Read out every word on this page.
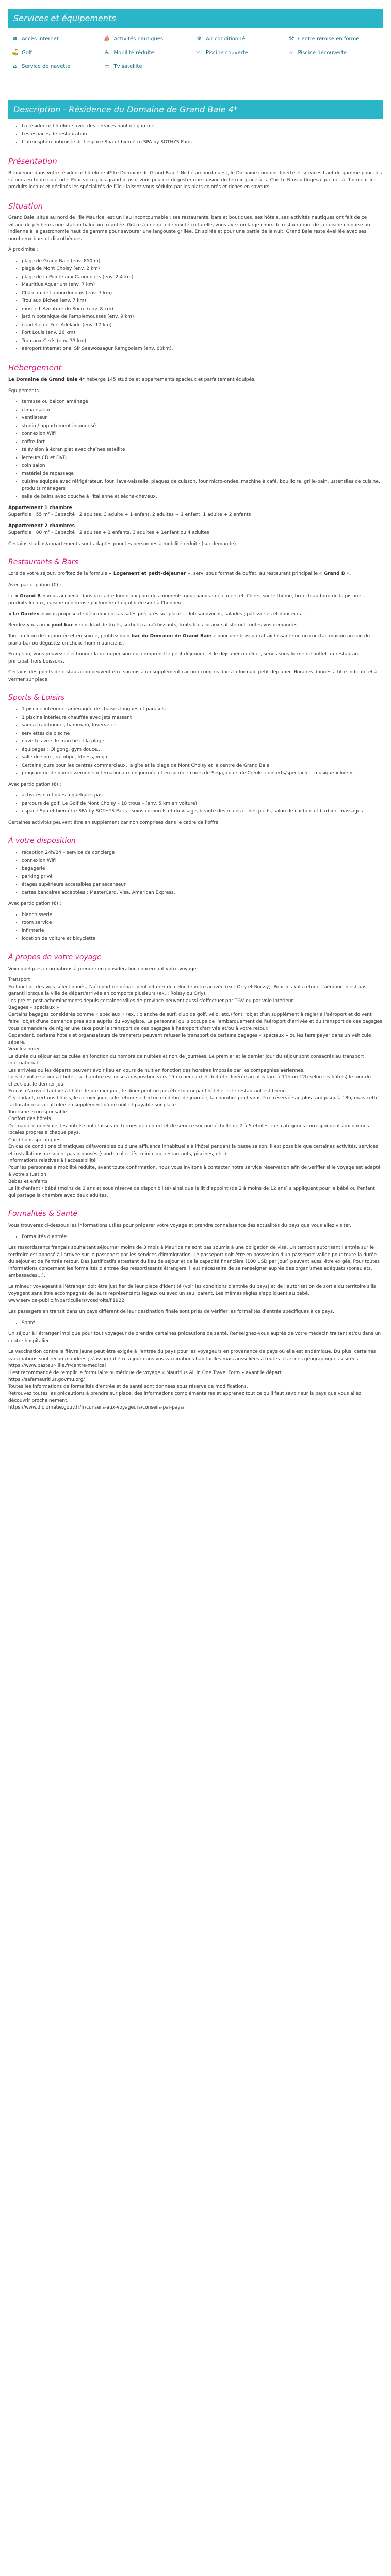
Services et équipements
≋ Accès internet	⛵ Activités nautiques	❄ Air conditionné	⚒ Centre remise en forme
⛳ Golf	♿ Mobilité réduite	〰 Piscine couverte	≈ Piscine découverte
⌂ Service de navette	▭ Tv satellite
Description - Résidence du Domaine de Grand Baie 4*
• La résidence hôtelière avec des services haut de gamme
• Les espaces de restauration
• L'atmosphère intimiste de l'espace Spa et bien-être SPA by SOTHYS Paris
Présentation

Bienvenue dans votre résidence hôtelière 4* Le Domaine de Grand Baie ! Niché au nord-ouest, le Domaine combine liberté et services haut de gamme pour des séjours en toute quiétude. Pour votre plus grand plaisir, vous pourrez déguster une cuisine du terroir grâce à La Chette Naïsso (Ingesa qui met à l'honneur les produits locaux et déclinés les spécialités de l'île : laissez-vous séduire par les plats colorés et riches en saveurs.

Situation

Grand Baie, situé au nord de l'île Maurice, est un lieu incontournable : ses restaurants, bars et boutiques, ses hôtels, ses activités nautiques ont fait de ce village de pêcheurs une station balnéaire réputée. Grâce à une grande mixité culturelle, vous avez un large choix de restauration, de la cuisine chinoise ou indienne à la gastronomie haut de gamme pour savourer une langouste grillée. En soirée et pour une partie de la nuit, Grand Baie reste éveillée avec ses nombreux bars et discothèques.

À proximité :

• plage de Grand Baie (env. 850 m)
• plage de Mont Choisy (env. 2 km)
• plage de la Pointe aux Canonniers (env. 2,4 km)
• Mauritius Aquarium (env. 7 km)
• Château de Labourdonnais (env. 7 km)
• Trou aux Biches (env. 7 km)
• musée L'Aventure du Sucre (env. 8 km)
• jardin botanique de Pamplemousses (env. 9 km)
• citadelle de Fort Adelaide (env. 17 km)
• Port Louis (env. 26 km)
• Trou-aux-Cerfs (env. 33 km)
• aéroport International Sir Seewoosagur Ramgoolam (env. 60km).
Hébergement

Le Domaine de Grand Baie 4* héberge 145 studios et appartements spacieux et parfaitement équipés.

Équipements :

• terrasse ou balcon aménagé
• climatisation
• ventilateur
• studio / appartement insonorisé
• connexion Wifi
• coffre-fort
• télévision à écran plat avec chaînes satellite
• lecteurs CD et DVD
• coin salon
• matériel de repassage
• cuisine équipée avec réfrigérateur, four, lave-vaisselle, plaques de cuisson, four micro-ondes, machine à café, bouilloire, grille-pain, ustensiles de cuisine, produits ménagers
• salle de bains avec douche à l'italienne et sèche-cheveux.

Appartement 1 chambre

Superficie : 55 m² - Capacité : 2 adultes, 3 adulte + 1 enfant, 2 adultes + 1 enfant, 1 adulte + 2 enfants

Appartement 2 chambres

Superficie : 80 m² - Capacité : 2 adultes + 2 enfants, 3 adultes + 1enfant ou 4 adultes

Certains studios/appartements sont adaptés pour les personnes à mobilité réduite (sur demande).

Restaurants & Bars

Lors de votre séjour, profitez de la formule « Logement et petit-déjeuner », servi sous format de buffet, au restaurant principal le « Grand B ».

Avec participation (€) :

Le « Grand B » vous accueille dans un cadre lumineux pour des moments gourmands : déjeuners et dîners, sur le thème, brunch au bord de la piscine… produits locaux, cuisine généreuse parfumée et équilibrée sont à l'honneur.

« Le Garden » vous propose de délicieux en-cas salés préparés sur place – club sandwichs, salades ; pâtisseries et douceurs…

Rendez-vous au « pool bar » : cocktail de fruits, sorbets rafraîchissants, fruits frais locaux satisferont toutes vos demandes.

Tout au long de la journée et en soirée, profitez du « bar du Domaine de Grand Baie » pour une boisson rafraîchissante ou un cocktail maison au son du piano-bar ou dégustez un choix rhum mauriciens.

En option, vous pouvez sélectionner la demi-pension qui comprend le petit déjeuner, et le déjeuner ou dîner, servis sous forme de buffet au restaurant principal, hors boissons.

Certains des points de restauration peuvent être soumis à un supplément car non compris dans la formule petit déjeuner. Horaires donnés à titre indicatif et à vérifier sur place.

Sports & Loisirs
• 1 piscine intérieure aménagée de chaises longues et parasols
• 1 piscine intérieure chauffée avec jets massant
• sauna traditionnel, hammam, Inververie
• serviettes de piscine
• navettes vers le marché et la plage
• équipages : Qi gong, gym douce…
• salle de sport, vélotipe, fitness, yoga
• Certains jours pour les centres commerciaux, la gîte et la plage de Mont Choisy et le centre de Grand Baie.
• programme de divertissements internationaux en journée et en soirée : cours de Sega, cours de Créole, concerts/spectacles, musique « live »…

Avec participation (€) :

• activités nautiques à quelques pas
• parcours de golf, Le Golf de Mont Choisy – 18 trous – (env. 5 km en voiture)
• espace Spa et bien-être SPA by SOTHYS Paris : soins corporels et du visage, beauté des mains et des pieds, salon de coiffure et barbier, massages.

Certaines activités peuvent être en supplément car non comprises dans le cadre de l'offre.

À votre disposition
• réception 24h/24 – service de concierge
• connexion Wifi
• bagagerie
• parking privé
• étages supérieurs accessibles par ascenseur
• cartes bancaires acceptées : MasterCard, Visa, American Express.

Avec participation (€) :

• blanchisserie
• room service
• infirmerie
• location de voiture et bicyclette.
À propos de votre voyage

Voici quelques informations à prendre en considération concernant votre voyage.

Transport

En fonction des vols sélectionnés, l'aéroport de départ peut différer de celui de votre arrivée (ex : Orly et Roissy). Pour les vols retour, l'aéroport n'est pas garanti lorsque la ville de départ/arrivée en comporte plusieurs (ex. : Roissy ou Orly).

Les pré et post-acheminements depuis certaines villes de province peuvent aussi s'effectuer par TGV ou par voie intérieur.

Bagages « spéciaux »

Certains bagages considérés comme « spéciaux » (ex. : planche de surf, club de golf, vélo, etc.) font l'objet d'un supplément à régler à l'aéroport et doivent faire l'objet d'une demande préalable auprès du voyagiste. Le personnel qui s'occupe de l'embarquement de l'aéroport d'arrivée et du transport de ces bagages vous demandera de régler une taxe pour le transport de ces bagages à l'aéroport d'arrivée et/ou à votre retour.

Cependant, certains hôtels et organisateurs de transferts peuvent refuser le transport de certains bagages « spéciaux » ou les faire payer dans un véhicule séparé.

Veuillez noter

La durée du séjour est calculée en fonction du nombre de nuitées et non de journées. Le premier et le dernier jour du séjour sont consacrés au transport international.

Les arrivées ou les départs peuvent avoir lieu en cours de nuit en fonction des horaires imposés par les compagnies aériennes.

Lors de votre séjour à l'hôtel, la chambre est mise à disposition vers 15h (check-in) et doit être libérée au plus tard à 11h ou 12h selon les hôtels) le jour du check-out le dernier jour.

En cas d'arrivée tardive à l'hôtel le premier jour, le dîner peut ne pas être fourni par l'hôtelier si le restaurant est fermé.

Cependant, certains hôtels, le dernier jour, si le retour s'effectue en début de journée, la chambre peut vous être réservée au plus tard jusqu'à 18h, mais cette facturation sera calculée en supplément d'une nuit et payable sur place.

Tourisme écoresponsable

Confort des hôtels

De manière générale, les hôtels sont classés en termes de confort et de service sur une échelle de 2 à 5 étoiles, ces catégories correspondent aux normes locales propres à chaque pays.

Conditions spécifiques

En cas de conditions climatiques défavorables ou d'une affluence inhabituelle à l'hôtel pendant la basse saison, il est possible que certaines activités, services et installations ne soient pas proposés (sports collectifs, mini club, restaurants, piscines, etc.).

Informations relatives à l'accessibilité

Pour les personnes à mobilité réduite, avant toute confirmation, nous vous invitons à contacter notre service réservation afin de vérifier si le voyage est adapté à votre situation.

Bébés et enfants

Le lit d'enfant / bébé (moins de 2 ans et sous réserve de disponibilité) ainsi que le lit d'appoint (de 2 à moins de 12 ans) s'appliquent pour le bébé ou l'enfant qui partage la chambre avec deux adultes.

Formalités & Santé

Vous trouverez ci-dessous les informations utiles pour préparer votre voyage et prendre connaissance des actualités du pays que vous allez visiter.

• Formalités d'entrée

Les ressortissants français souhaitant séjourner moins de 3 mois à Maurice ne sont pas soumis à une obligation de visa. Un tampon autorisant l'entrée sur le territoire est apposé à l'arrivée sur le passeport par les services d'immigration. Le passeport doit être en possession d'un passeport valide pour toute la durée du séjour et de l'entrée retour. Des justificatifs attestant du lieu de séjour et de la capacité financière (100 USD par jour) peuvent aussi être exigés. Pour toutes informations concernant les formalités d'entrée des ressortissants étrangers, il est nécessaire de se renseigner auprès des organismes adéquats (consulats, ambassades…).

Le mineur voyageant à l'étranger doit être justifier de leur pièce d'identité (voir les conditions d'entrée du pays) et de l'autorisation de sortie du territoire s'ils voyagent sans être accompagnés de leurs représentants légaux ou avec un seul parent. Les mêmes règles s'appliquent au bébé.

www.service-public.fr/particuliers/vosdroits/F1922

Les passagers en transit dans un pays différent de leur destination finale sont priés de vérifier les formalités d'entrée spécifiques à ce pays.

• Santé

Un séjour à l'étranger implique pour tout voyageur de prendre certaines précautions de santé. Renseignez-vous auprès de votre médecin traitant et/ou dans un centre hospitalier.

La vaccination contre la fièvre jaune peut être exigée à l'entrée du pays pour les voyageurs en provenance de pays où elle est endémique. Du plus, certaines vaccinations sont recommandées ; s'assurer d'être à jour dans vos vaccinations habituelles mais aussi liées à toutes les zones géographiques visitées.

https://www.pasteur-lille.fr/centre-medical

Il est recommandé de remplir le formulaire numérique de voyage « Mauritius All in One Travel Form » avant le départ.

https://safemauritius.govmu.org/

Toutes les informations de formalités d'entrée et de santé sont données sous réserve de modifications.

Retrouvez toutes les précautions à prendre sur place, des informations complémentaires et apprenez tout ce qu'il faut savoir sur la pays que vous allez découvrir prochainement.

https://www.diplomatie.gouv.fr/fr/conseils-aux-voyageurs/conseils-par-pays/
